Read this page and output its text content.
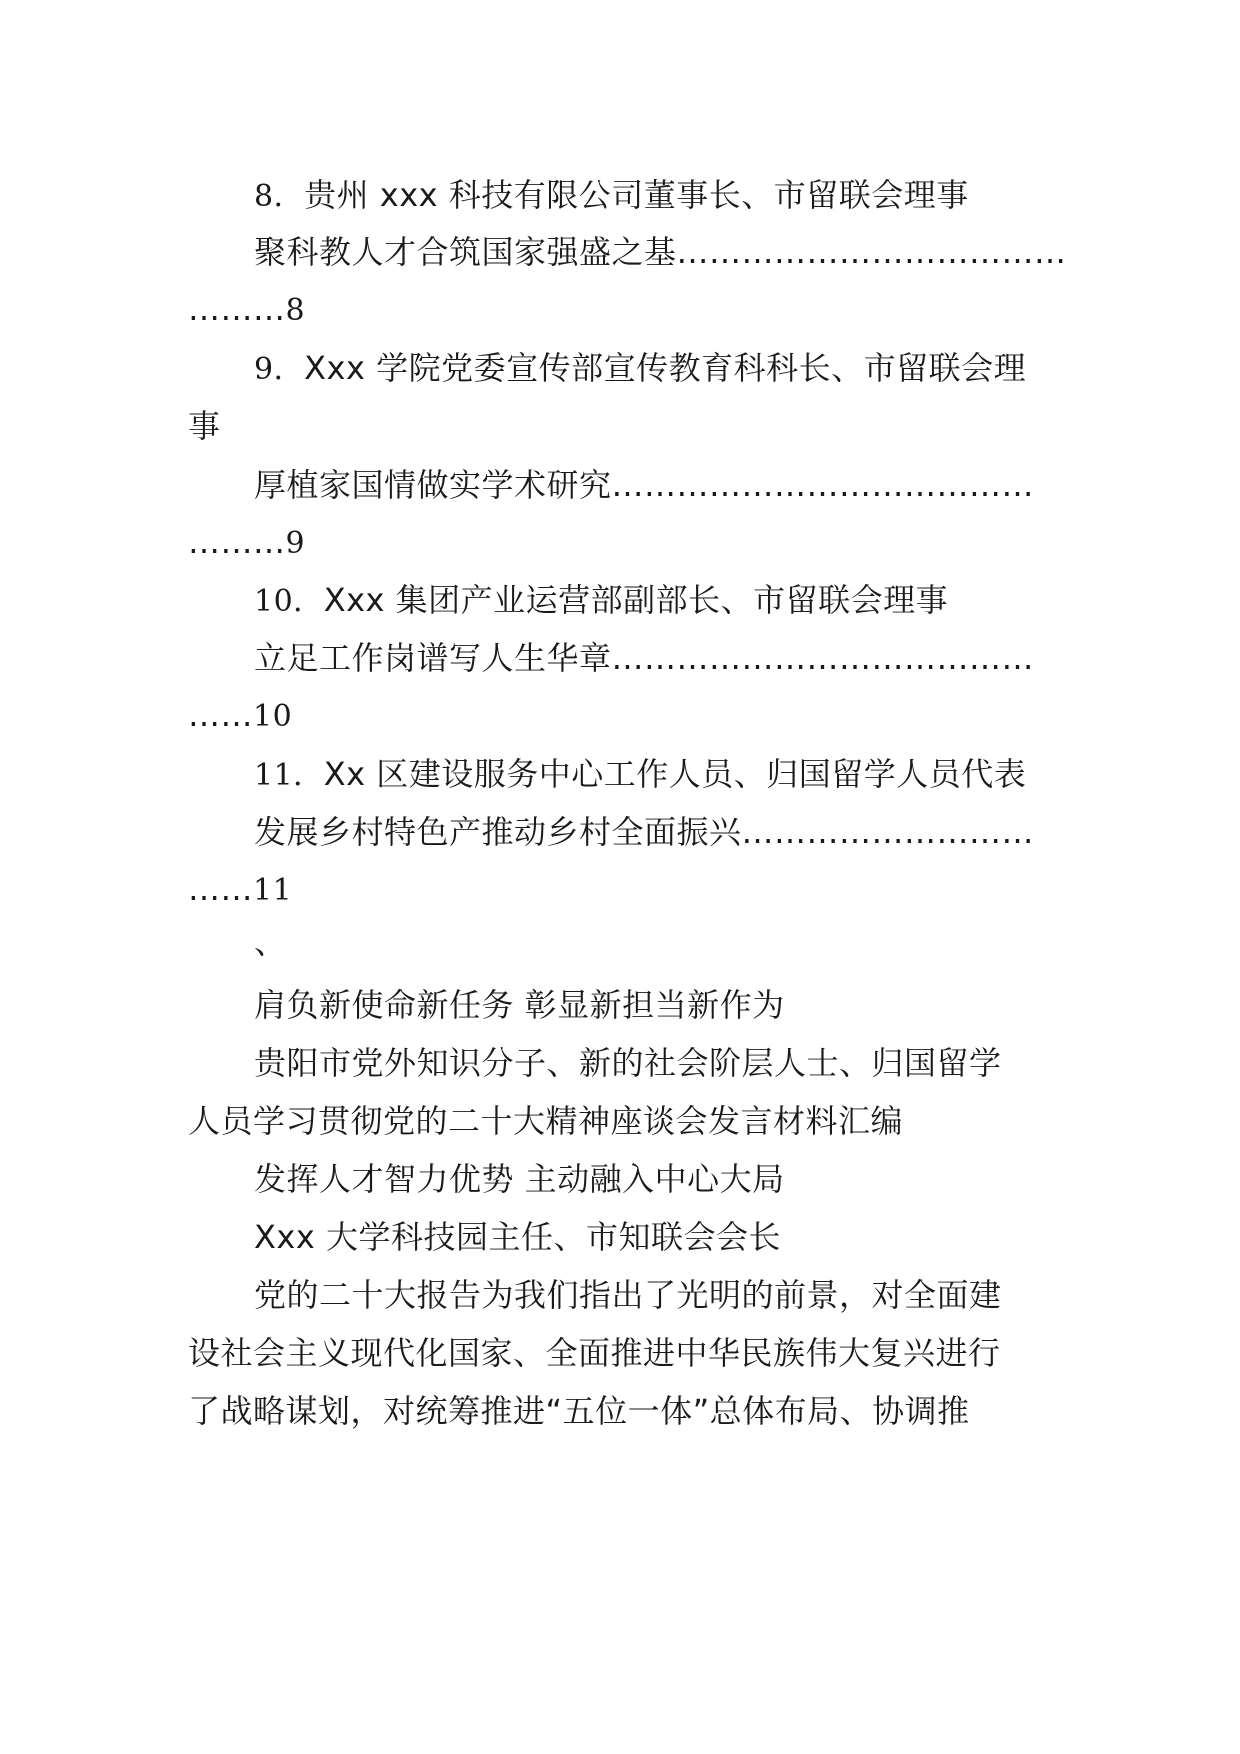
8．贵州 xxx 科技有限公司董事长、市留联会理事
聚科教人才合筑国家强盛之基………………………………
………8
9．Xxx 学院党委宣传部宣传教育科科长、市留联会理
事
厚植家国情做实学术研究…………………………………
………9
10．Xxx 集团产业运营部副部长、市留联会理事
立足工作岗谱写人生华章…………………………………
……10
11．Xx 区建设服务中心工作人员、归国留学人员代表
发展乡村特色产推动乡村全面振兴………………………
……11
、
肩负新使命新任务 彰显新担当新作为
贵阳市党外知识分子、新的社会阶层人士、归国留学
人员学习贯彻党的二十大精神座谈会发言材料汇编
发挥人才智力优势 主动融入中心大局
Xxx 大学科技园主任、市知联会会长
党的二十大报告为我们指出了光明的前景，对全面建
设社会主义现代化国家、全面推进中华民族伟大复兴进行
了战略谋划，对统筹推进“五位一体”总体布局、协调推
